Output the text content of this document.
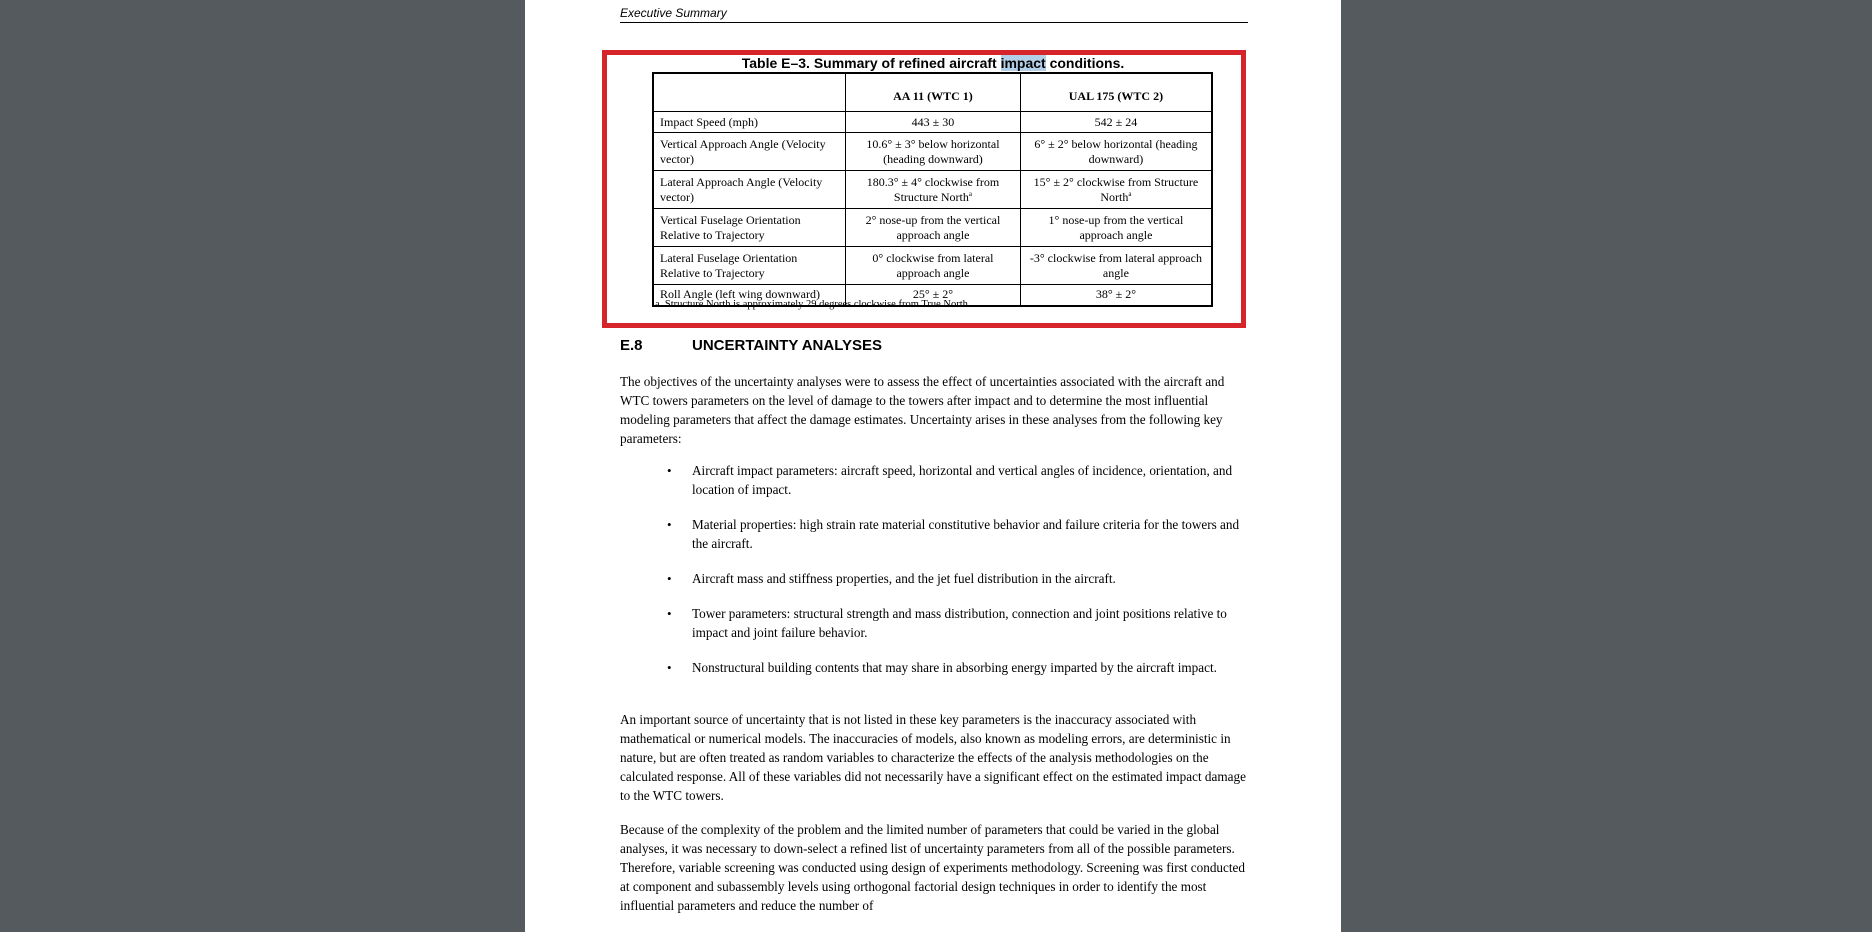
Executive Summary
Table E–3. Summary of refined aircraft impact conditions.
	AA 11 (WTC 1)	UAL 175 (WTC 2)
Impact Speed (mph)	443 ± 30	542 ± 24
Vertical Approach Angle (Velocity vector)	10.6° ± 3° below horizontal (heading downward)	6° ± 2° below horizontal (heading downward)
Lateral Approach Angle (Velocity vector)	180.3° ± 4° clockwise from Structure North$^a$	15° ± 2° clockwise from Structure North$^a$
Vertical Fuselage Orientation Relative to Trajectory	2° nose-up from the vertical approach angle	1° nose-up from the vertical approach angle
Lateral Fuselage Orientation Relative to Trajectory	0° clockwise from lateral approach angle	-3° clockwise from lateral approach angle
Roll Angle (left wing downward)	25° ± 2°	38° ± 2°
a. Structure North is approximately 29 degrees clockwise from True North.
E.8	UNCERTAINTY ANALYSES

The objectives of the uncertainty analyses were to assess the effect of uncertainties associated with the aircraft and WTC towers parameters on the level of damage to the towers after impact and to determine the most influential modeling parameters that affect the damage estimates. Uncertainty arises in these analyses from the following key parameters:

• Aircraft impact parameters: aircraft speed, horizontal and vertical angles of incidence, orientation, and location of impact.
• Material properties: high strain rate material constitutive behavior and failure criteria for the towers and the aircraft.
• Aircraft mass and stiffness properties, and the jet fuel distribution in the aircraft.
• Tower parameters: structural strength and mass distribution, connection and joint positions relative to impact and joint failure behavior.
• Nonstructural building contents that may share in absorbing energy imparted by the aircraft impact.

An important source of uncertainty that is not listed in these key parameters is the inaccuracy associated with mathematical or numerical models. The inaccuracies of models, also known as modeling errors, are deterministic in nature, but are often treated as random variables to characterize the effects of the analysis methodologies on the calculated response. All of these variables did not necessarily have a significant effect on the estimated impact damage to the WTC towers.

Because of the complexity of the problem and the limited number of parameters that could be varied in the global analyses, it was necessary to down-select a refined list of uncertainty parameters from all of the possible parameters. Therefore, variable screening was conducted using design of experiments methodology. Screening was first conducted at component and subassembly levels using orthogonal factorial design techniques in order to identify the most influential parameters and reduce the number of
